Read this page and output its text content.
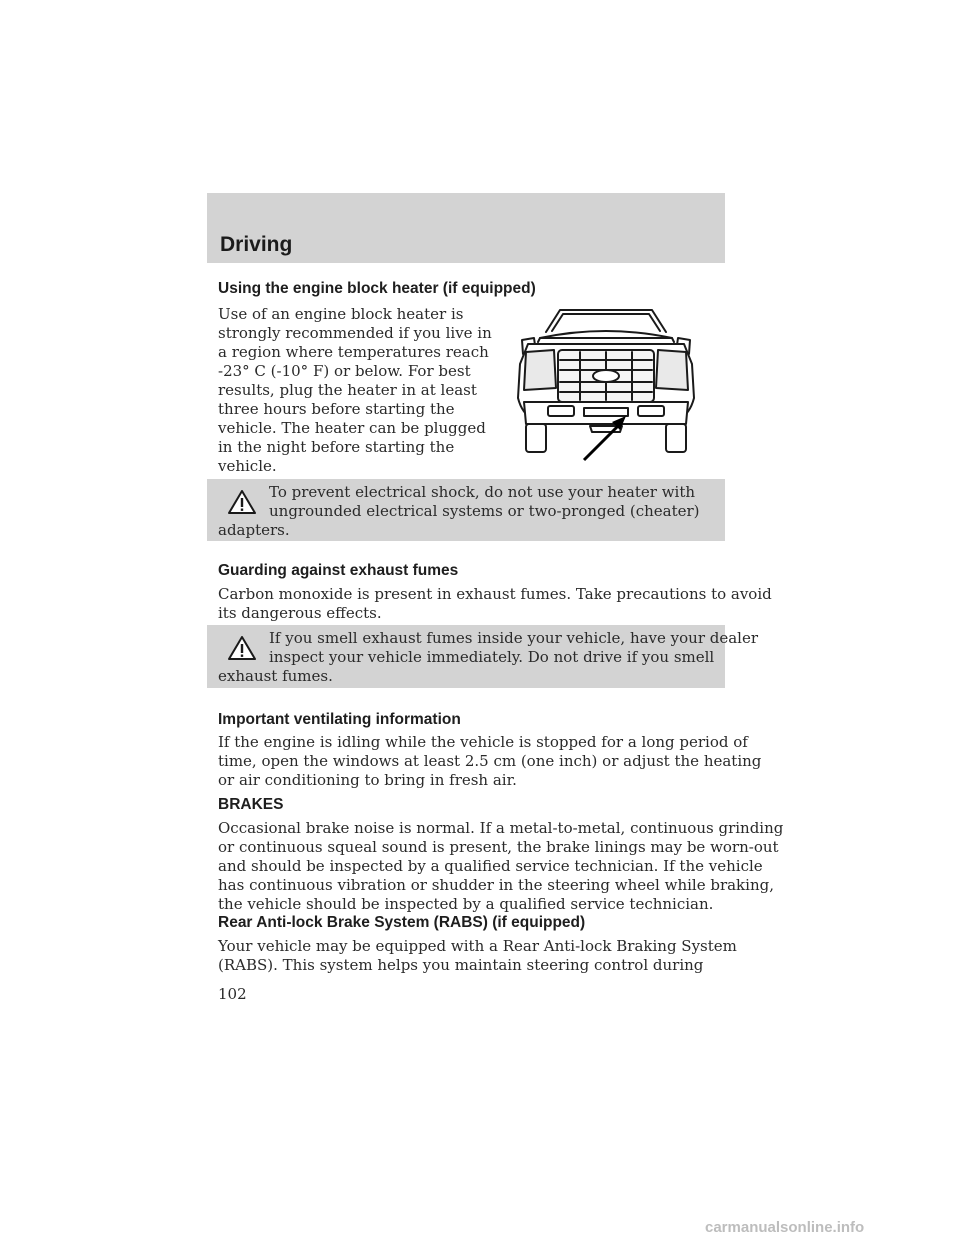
Driving
Using the engine block heater (if equipped)
Use of an engine block heater is
strongly recommended if you live in
a region where temperatures reach
-23° C (-10° F) or below. For best
results, plug the heater in at least
three hours before starting the
vehicle. The heater can be plugged
in the night before starting the
vehicle.
To prevent electrical shock, do not use your heater with
ungrounded electrical systems or two-pronged (cheater)
adapters.
Guarding against exhaust fumes
Carbon monoxide is present in exhaust fumes. Take precautions to avoid
its dangerous effects.
If you smell exhaust fumes inside your vehicle, have your dealer
inspect your vehicle immediately. Do not drive if you smell
exhaust fumes.
Important ventilating information
If the engine is idling while the vehicle is stopped for a long period of
time, open the windows at least 2.5 cm (one inch) or adjust the heating
or air conditioning to bring in fresh air.
BRAKES
Occasional brake noise is normal. If a metal-to-metal, continuous grinding
or continuous squeal sound is present, the brake linings may be worn-out
and should be inspected by a qualified service technician. If the vehicle
has continuous vibration or shudder in the steering wheel while braking,
the vehicle should be inspected by a qualified service technician.
Rear Anti-lock Brake System (RABS) (if equipped)
Your vehicle may be equipped with a Rear Anti-lock Braking System
(RABS). This system helps you maintain steering control during
102
carmanualsonline.info
